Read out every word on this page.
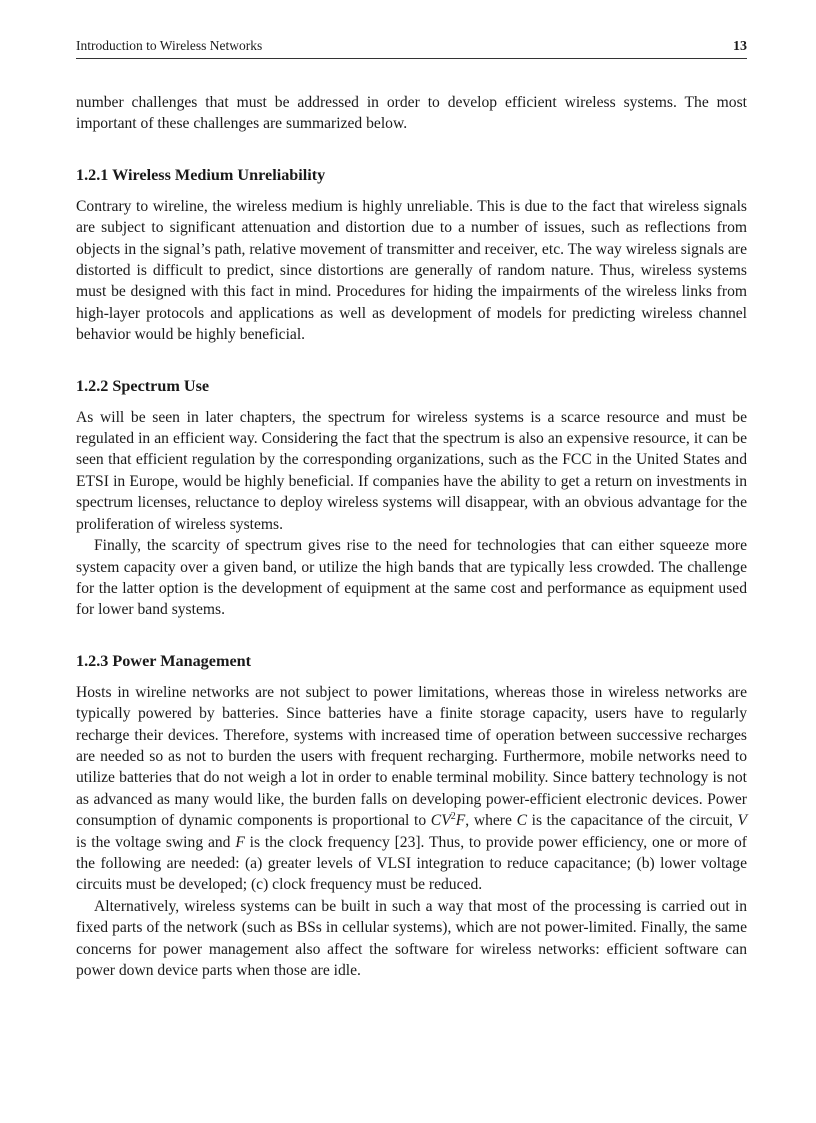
Introduction to Wireless Networks	13

number challenges that must be addressed in order to develop efficient wireless systems. The most important of these challenges are summarized below.

1.2.1 Wireless Medium Unreliability

Contrary to wireline, the wireless medium is highly unreliable. This is due to the fact that wireless signals are subject to significant attenuation and distortion due to a number of issues, such as reflections from objects in the signal’s path, relative movement of transmitter and receiver, etc. The way wireless signals are distorted is difficult to predict, since distortions are generally of random nature. Thus, wireless systems must be designed with this fact in mind. Procedures for hiding the impairments of the wireless links from high-layer protocols and applications as well as development of models for predicting wireless channel behavior would be highly beneficial.

1.2.2 Spectrum Use

As will be seen in later chapters, the spectrum for wireless systems is a scarce resource and must be regulated in an efficient way. Considering the fact that the spectrum is also an expensive resource, it can be seen that efficient regulation by the corresponding organizations, such as the FCC in the United States and ETSI in Europe, would be highly beneficial. If companies have the ability to get a return on investments in spectrum licenses, reluctance to deploy wireless systems will disappear, with an obvious advantage for the proliferation of wireless systems.

Finally, the scarcity of spectrum gives rise to the need for technologies that can either squeeze more system capacity over a given band, or utilize the high bands that are typically less crowded. The challenge for the latter option is the development of equipment at the same cost and performance as equipment used for lower band systems.

1.2.3 Power Management

Hosts in wireline networks are not subject to power limitations, whereas those in wireless networks are typically powered by batteries. Since batteries have a finite storage capacity, users have to regularly recharge their devices. Therefore, systems with increased time of operation between successive recharges are needed so as not to burden the users with frequent recharging. Furthermore, mobile networks need to utilize batteries that do not weigh a lot in order to enable terminal mobility. Since battery technology is not as advanced as many would like, the burden falls on developing power-efficient electronic devices. Power consumption of dynamic components is proportional to $CV^2F$, where C is the capacitance of the circuit, V is the voltage swing and F is the clock frequency [23]. Thus, to provide power efficiency, one or more of the following are needed: (a) greater levels of VLSI integration to reduce capacitance; (b) lower voltage circuits must be developed; (c) clock frequency must be reduced.

Alternatively, wireless systems can be built in such a way that most of the processing is carried out in fixed parts of the network (such as BSs in cellular systems), which are not power-limited. Finally, the same concerns for power management also affect the software for wireless networks: efficient software can power down device parts when those are idle.
